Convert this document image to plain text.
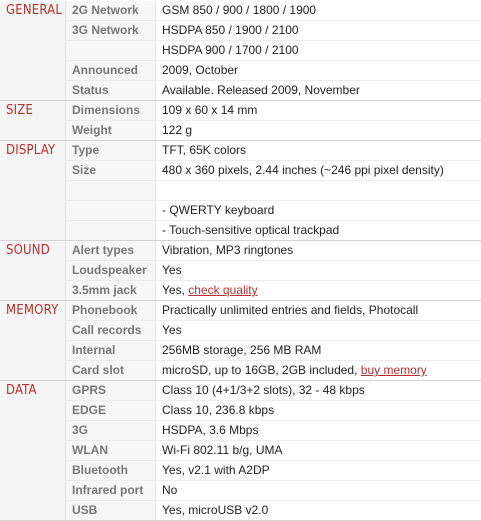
GENERAL 2G Network	GSM 850 / 900 / 1800 / 1900
3G Network	HSDPA 850 / 1900 / 2100
HSDPA 900 / 1700 / 2100
Announced	2009, October
Status	Available. Released 2009, November
SIZE	Dimensions	109 x 60 x 14 mm
Weight	122 g
DISPLAY	Type	TFT, 65K colors
Size	480 x 360 pixels, 2.44 inches (~246 ppi pixel density)
- QWERTY keyboard
- Touch-sensitive optical trackpad
SOUND	Alert types	Vibration, MP3 ringtones
Loudspeaker	Yes
3.5mm jack	Yes, check quality
MEMORY	Phonebook	Practically unlimited entries and fields, Photocall
Call records	Yes
Internal	256MB storage, 256 MB RAM
Card slot	microSD, up to 16GB, 2GB included, buy memory
DATA	GPRS	Class 10 (4+1/3+2 slots), 32 - 48 kbps
EDGE	Class 10, 236.8 kbps
3G	HSDPA, 3.6 Mbps
WLAN	Wi-Fi 802.11 b/g, UMA
Bluetooth	Yes, v2.1 with A2DP
Infrared port	No
USB	Yes, microUSB v2.0
